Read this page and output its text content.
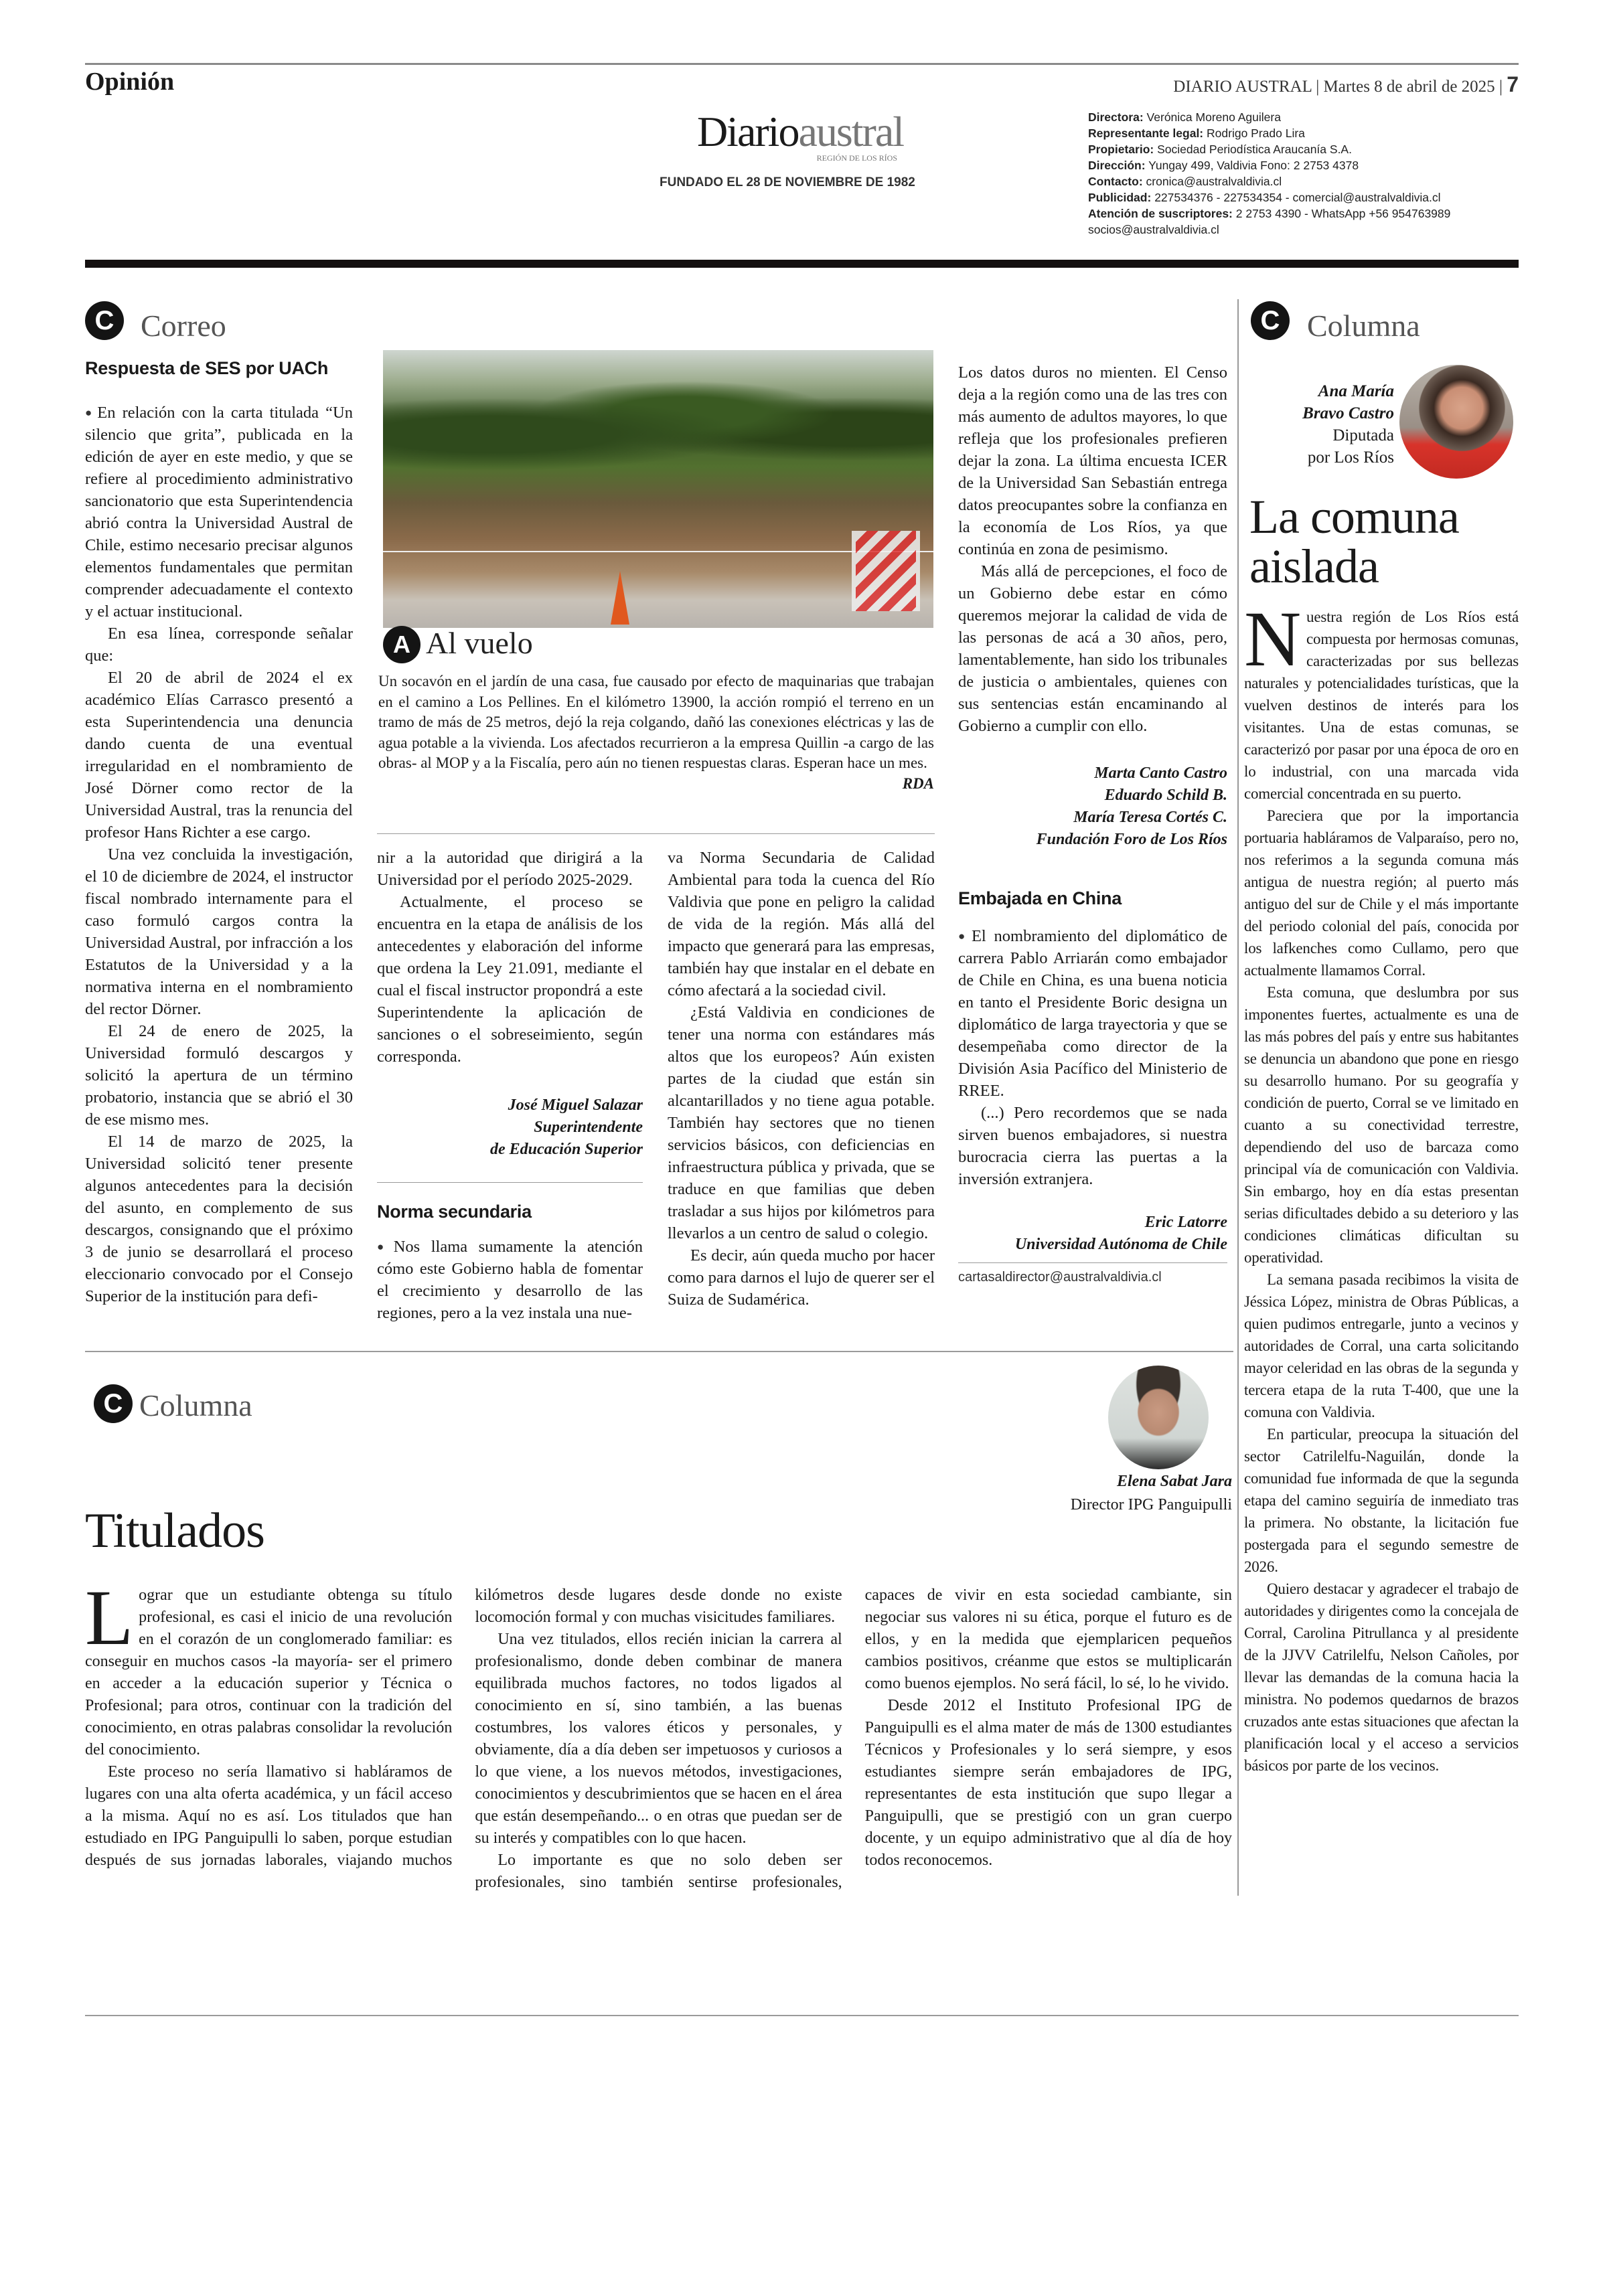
Opinión	DIARIO AUSTRAL | Martes 8 de abril de 2025 | 7
Diarioaustral
REGIÓN DE LOS RÍOS
FUNDADO EL 28 DE NOVIEMBRE DE 1982
Directora: Verónica Moreno Aguilera
Representante legal: Rodrigo Prado Lira
Propietario: Sociedad Periodística Araucanía S.A.
Dirección: Yungay 499, Valdivia Fono: 2 2753 4378
Contacto: cronica@australvaldivia.cl
Publicidad: 227534376 - 227534354 - comercial@australvaldivia.cl
Atención de suscriptores: 2 2753 4390 - WhatsApp +56 954763989
socios@australvaldivia.cl
C Correo
Respuesta de SES por UACh

● En relación con la carta titulada “Un silencio que grita”, publicada en la edición de ayer en este medio, y que se refiere al procedimiento administrativo sancionatorio que esta Superintendencia abrió contra la Universidad Austral de Chile, estimo necesario precisar algunos elementos fundamentales que permitan comprender adecuadamente el contexto y el actuar institucional.

En esa línea, corresponde señalar que:

El 20 de abril de 2024 el ex académico Elías Carrasco presentó a esta Superintendencia una denuncia dando cuenta de una eventual irregularidad en el nombramiento de José Dörner como rector de la Universidad Austral, tras la renuncia del profesor Hans Richter a ese cargo.

Una vez concluida la investigación, el 10 de diciembre de 2024, el instructor fiscal nombrado internamente para el caso formuló cargos contra la Universidad Austral, por infracción a los Estatutos de la Universidad y a la normativa interna en el nombramiento del rector Dörner.

El 24 de enero de 2025, la Universidad formuló descargos y solicitó la apertura de un término probatorio, instancia que se abrió el 30 de ese mismo mes.

El 14 de marzo de 2025, la Universidad solicitó tener presente algunos antecedentes para la decisión del asunto, en complemento de sus descargos, consignando que el próximo 3 de junio se desarrollará el proceso eleccionario convocado por el Consejo Superior de la institución para defi-

A Al vuelo
Un socavón en el jardín de una casa, fue causado por efecto de maquinarias que trabajan en el camino a Los Pellines. En el kilómetro 13900, la acción rompió el terreno en un tramo de más de 25 metros, dejó la reja colgando, dañó las conexiones eléctricas y las de agua potable a la vivienda. Los afectados recurrieron a la empresa Quillin -a cargo de las obras- al MOP y a la Fiscalía, pero aún no tienen respuestas claras. Esperan hace un mes.
RDA

nir a la autoridad que dirigirá a la Universidad por el período 2025-2029.

Actualmente, el proceso se encuentra en la etapa de análisis de los antecedentes y elaboración del informe que ordena la Ley 21.091, mediante el cual el fiscal instructor propondrá a este Superintendente la aplicación de sanciones o el sobreseimiento, según corresponda.

José Miguel Salazar
Superintendente
de Educación Superior
Norma secundaria

● Nos llama sumamente la atención cómo este Gobierno habla de fomentar el crecimiento y desarrollo de las regiones, pero a la vez instala una nue-

va Norma Secundaria de Calidad Ambiental para toda la cuenca del Río Valdivia que pone en peligro la calidad de vida de la región. Más allá del impacto que generará para las empresas, también hay que instalar en el debate en cómo afectará a la sociedad civil.

¿Está Valdivia en condiciones de tener una norma con estándares más altos que los europeos? Aún existen partes de la ciudad que están sin alcantarillados y no tiene agua potable. También hay sectores que no tienen servicios básicos, con deficiencias en infraestructura pública y privada, que se traduce en que familias que deben trasladar a sus hijos por kilómetros para llevarlos a un centro de salud o colegio.

Es decir, aún queda mucho por hacer como para darnos el lujo de querer ser el Suiza de Sudamérica.

Los datos duros no mienten. El Censo deja a la región como una de las tres con más aumento de adultos mayores, lo que refleja que los profesionales prefieren dejar la zona. La última encuesta ICER de la Universidad San Sebastián entrega datos preocupantes sobre la confianza en la economía de Los Ríos, ya que continúa en zona de pesimismo.

Más allá de percepciones, el foco de un Gobierno debe estar en cómo queremos mejorar la calidad de vida de las personas de acá a 30 años, pero, lamentablemente, han sido los tribunales de justicia o ambientales, quienes con sus sentencias están encaminando al Gobierno a cumplir con ello.

Marta Canto Castro
Eduardo Schild B.
María Teresa Cortés C.
Fundación Foro de Los Ríos
Embajada en China

● El nombramiento del diplomático de carrera Pablo Arriarán como embajador de Chile en China, es una buena noticia en tanto el Presidente Boric designa un diplomático de larga trayectoria y que se desempeñaba como director de la División Asia Pacífico del Ministerio de RREE.

(...) Pero recordemos que se nada sirven buenos embajadores, si nuestra burocracia cierra las puertas a la inversión extranjera.

Eric Latorre
Universidad Autónoma de Chile
cartasaldirector@australvaldivia.cl
C Columna
Ana María
Bravo Castro
Diputada
por Los Ríos
La comuna aislada

Nuestra región de Los Ríos está compuesta por hermosas comunas, caracterizadas por sus bellezas naturales y potencialidades turísticas, que la vuelven destinos de interés para los visitantes. Una de estas comunas, se caracterizó por pasar por una época de oro en lo industrial, con una marcada vida comercial concentrada en su puerto.

Pareciera que por la importancia portuaria habláramos de Valparaíso, pero no, nos referimos a la segunda comuna más antigua de nuestra región; al puerto más antiguo del sur de Chile y el más importante del periodo colonial del país, conocida por los lafkenches como Cullamo, pero que actualmente llamamos Corral.

Esta comuna, que deslumbra por sus imponentes fuertes, actualmente es una de las más pobres del país y entre sus habitantes se denuncia un abandono que pone en riesgo su desarrollo humano. Por su geografía y condición de puerto, Corral se ve limitado en cuanto a su conectividad terrestre, dependiendo del uso de barcaza como principal vía de comunicación con Valdivia. Sin embargo, hoy en día estas presentan serias dificultades debido a su deterioro y las condiciones climáticas dificultan su operatividad.

La semana pasada recibimos la visita de Jéssica López, ministra de Obras Públicas, a quien pudimos entregarle, junto a vecinos y autoridades de Corral, una carta solicitando mayor celeridad en las obras de la segunda y tercera etapa de la ruta T-400, que une la comuna con Valdivia.

En particular, preocupa la situación del sector Catrilelfu-Naguilán, donde la comunidad fue informada de que la segunda etapa del camino seguiría de inmediato tras la primera. No obstante, la licitación fue postergada para el segundo semestre de 2026.

Quiero destacar y agradecer el trabajo de autoridades y dirigentes como la concejala de Corral, Carolina Pitrullanca y al presidente de la JJVV Catrilelfu, Nelson Cañoles, por llevar las demandas de la comuna hacia la ministra. No podemos quedarnos de brazos cruzados ante estas situaciones que afectan la planificación local y el acceso a servicios básicos por parte de los vecinos.

C Columna
Elena Sabat Jara
Director IPG Panguipulli
Titulados

Lograr que un estudiante obtenga su título profesional, es casi el inicio de una revolución en el corazón de un conglomerado familiar: es conseguir en muchos casos -la mayoría- ser el primero en acceder a la educación superior y Técnica o Profesional; para otros, continuar con la tradición del conocimiento, en otras palabras consolidar la revolución del conocimiento.

Este proceso no sería llamativo si habláramos de lugares con una alta oferta académica, y un fácil acceso a la misma. Aquí no es así. Los titulados que han estudiado en IPG Panguipulli lo saben, porque estudian después de sus jornadas laborales, viajando muchos kilómetros desde lugares desde donde no existe locomoción formal y con muchas visicitudes familiares.

Una vez titulados, ellos recién inician la carrera al profesionalismo, donde deben combinar de manera equilibrada muchos factores, no todos ligados al conocimiento en sí, sino también, a las buenas costumbres, los valores éticos y personales, y obviamente, día a día deben ser impetuosos y curiosos a lo que viene, a los nuevos métodos, investigaciones, conocimientos y descubrimientos que se hacen en el área que están desempeñando... o en otras que puedan ser de su interés y compatibles con lo que hacen.

Lo importante es que no solo deben ser profesionales, sino también sentirse profesionales, capaces de vivir en esta sociedad cambiante, sin negociar sus valores ni su ética, porque el futuro es de ellos, y en la medida que ejemplaricen pequeños cambios positivos, créanme que estos se multiplicarán como buenos ejemplos. No será fácil, lo sé, lo he vivido.

Desde 2012 el Instituto Profesional IPG de Panguipulli es el alma mater de más de 1300 estudiantes Técnicos y Profesionales y lo será siempre, y esos estudiantes siempre serán embajadores de IPG, representantes de esta institución que supo llegar a Panguipulli, que se prestigió con un gran cuerpo docente, y un equipo administrativo que al día de hoy todos reconocemos.
